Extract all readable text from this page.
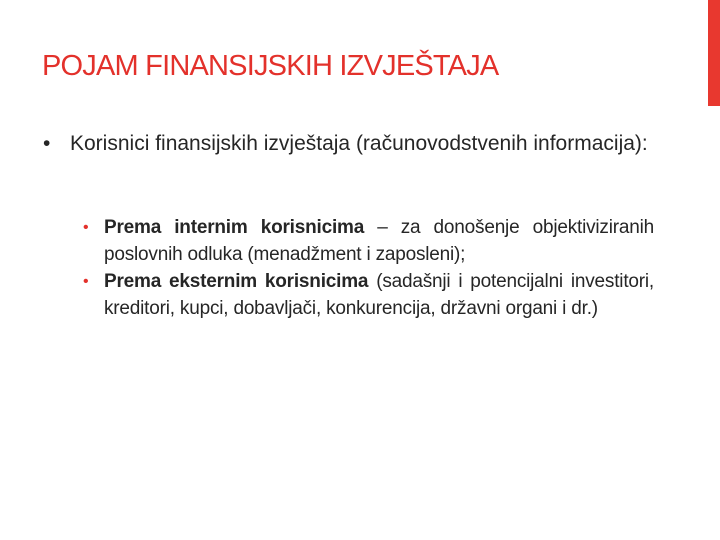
POJAM FINANSIJSKIH IZVJEŠTAJA
• Korisnici finansijskih izvještaja (računovodstvenih informacija):
• Prema internim korisnicima – za donošenje objektiviziranih poslovnih odluka (menadžment i zaposleni);
• Prema eksternim korisnicima (sadašnji i potencijalni investitori, kreditori, kupci, dobavljači, konkurencija, državni organi i dr.)
